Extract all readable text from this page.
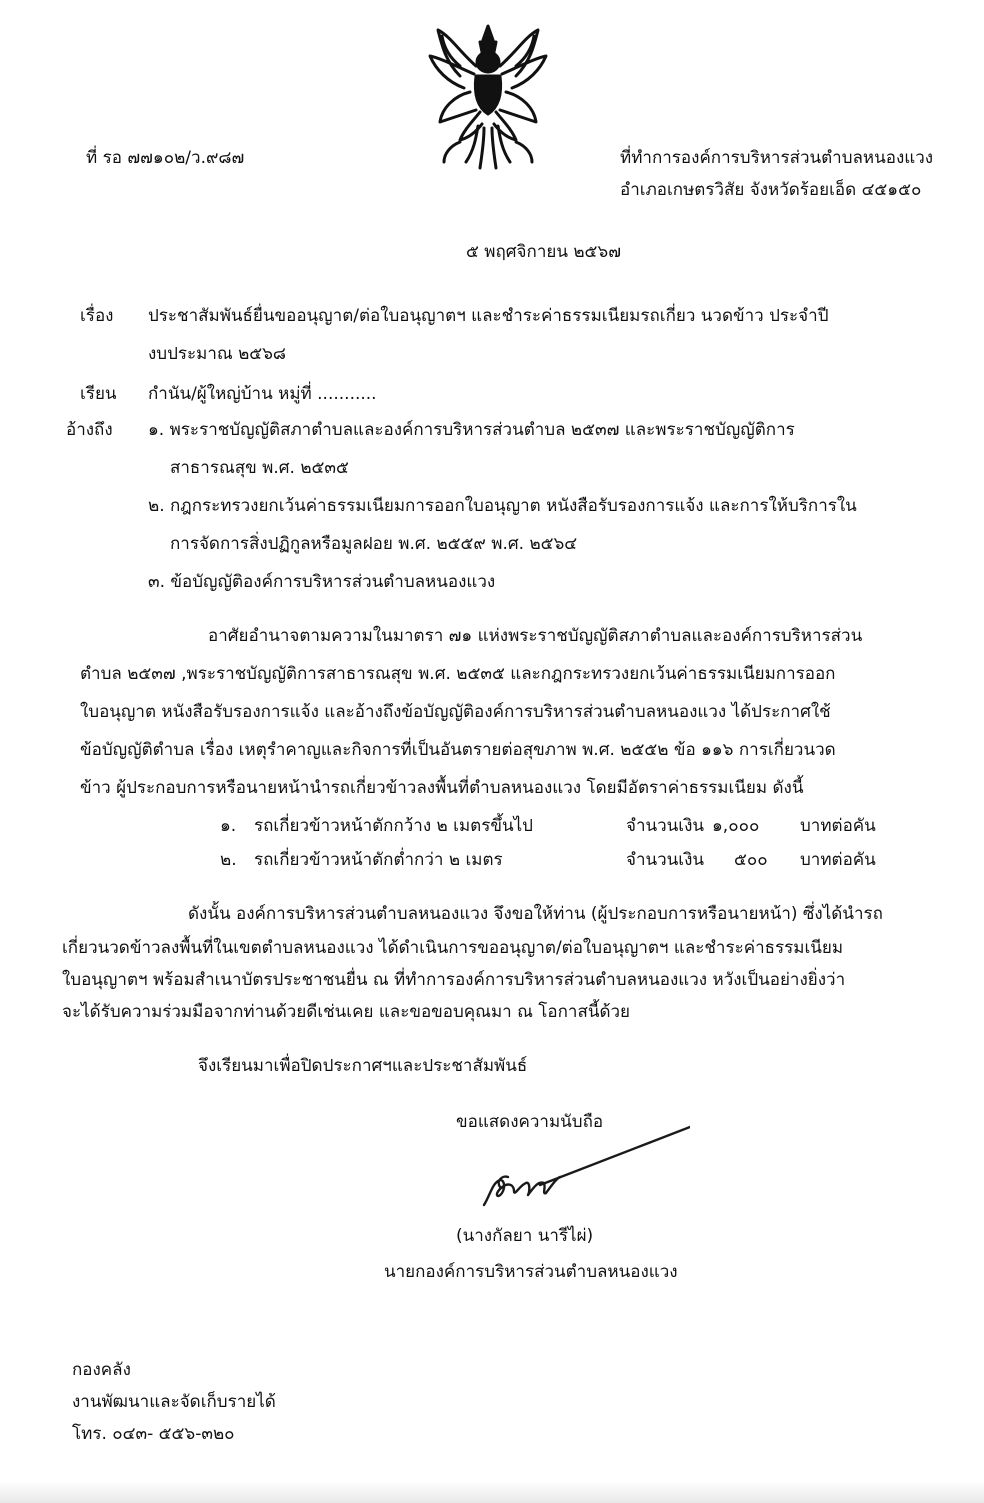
ที่ รอ ๗๗๑๐๒/ว.๙๘๗	ที่ทำการองค์การบริหารส่วนตำบลหนองแวง
อำเภอเกษตรวิสัย จังหวัดร้อยเอ็ด ๔๕๑๕๐
๕ พฤศจิกายน ๒๕๖๗
เรื่อง ประชาสัมพันธ์ยื่นขออนุญาต/ต่อใบอนุญาตฯ และชำระค่าธรรมเนียมรถเกี่ยว นวดข้าว ประจำปี
งบประมาณ ๒๕๖๘
เรียน กำนัน/ผู้ใหญ่บ้าน หมู่ที่ ...........
อ้างถึง ๑. พระราชบัญญัติสภาตำบลและองค์การบริหารส่วนตำบล ๒๕๓๗ และพระราชบัญญัติการ
สาธารณสุข พ.ศ. ๒๕๓๕
๒. กฎกระทรวงยกเว้นค่าธรรมเนียมการออกใบอนุญาต หนังสือรับรองการแจ้ง และการให้บริการใน
การจัดการสิ่งปฏิกูลหรือมูลฝอย พ.ศ. ๒๕๕๙ พ.ศ. ๒๕๖๔
๓. ข้อบัญญัติองค์การบริหารส่วนตำบลหนองแวง
อาศัยอำนาจตามความในมาตรา ๗๑ แห่งพระราชบัญญัติสภาตำบลและองค์การบริหารส่วน
ตำบล ๒๕๓๗ ,พระราชบัญญัติการสาธารณสุข พ.ศ. ๒๕๓๕ และกฎกระทรวงยกเว้นค่าธรรมเนียมการออก
ใบอนุญาต หนังสือรับรองการแจ้ง และอ้างถึงข้อบัญญัติองค์การบริหารส่วนตำบลหนองแวง ได้ประกาศใช้
ข้อบัญญัติตำบล เรื่อง เหตุรำคาญและกิจการที่เป็นอันตรายต่อสุขภาพ พ.ศ. ๒๕๕๒ ข้อ ๑๑๖ การเกี่ยวนวด
ข้าว ผู้ประกอบการหรือนายหน้านำรถเกี่ยวข้าวลงพื้นที่ตำบลหนองแวง โดยมีอัตราค่าธรรมเนียม ดังนี้
๑. รถเกี่ยวข้าวหน้าตักกว้าง ๒ เมตรขึ้นไป	จำนวนเงิน ๑,๐๐๐ บาทต่อคัน
๒. รถเกี่ยวข้าวหน้าตักต่ำกว่า ๒ เมตร	จำนวนเงิน ๕๐๐ บาทต่อคัน
ดังนั้น องค์การบริหารส่วนตำบลหนองแวง จึงขอให้ท่าน (ผู้ประกอบการหรือนายหน้า) ซึ่งได้นำรถ
เกี่ยวนวดข้าวลงพื้นที่ในเขตตำบลหนองแวง ได้ดำเนินการขออนุญาต/ต่อใบอนุญาตฯ และชำระค่าธรรมเนียม
ใบอนุญาตฯ พร้อมสำเนาบัตรประชาชนยื่น ณ ที่ทำการองค์การบริหารส่วนตำบลหนองแวง หวังเป็นอย่างยิ่งว่า
จะได้รับความร่วมมือจากท่านด้วยดีเช่นเคย และขอขอบคุณมา ณ โอกาสนี้ด้วย
จึงเรียนมาเพื่อปิดประกาศฯและประชาสัมพันธ์
ขอแสดงความนับถือ
(นางกัลยา นารีไผ่)
นายกองค์การบริหารส่วนตำบลหนองแวง
กองคลัง
งานพัฒนาและจัดเก็บรายได้
โทร. ๐๔๓- ๕๕๖-๓๒๐
